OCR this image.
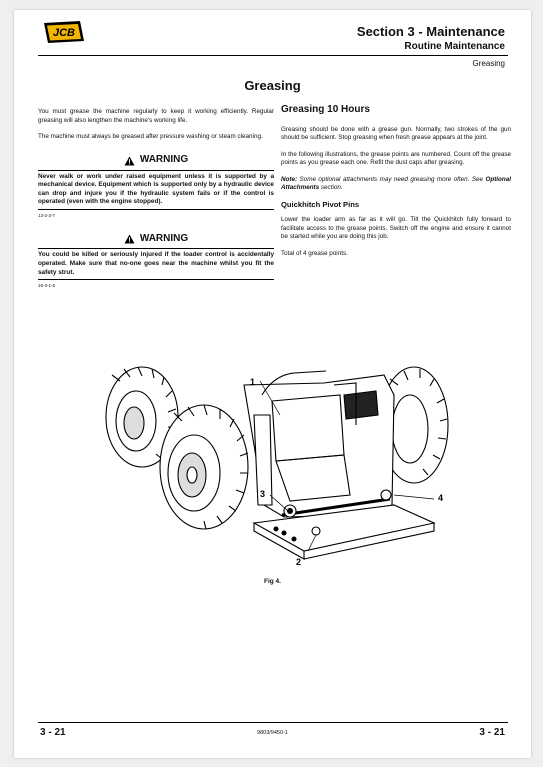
JCB	Section 3 - Maintenance
Routine Maintenance
Greasing
Greasing

You must grease the machine regularly to keep it working efficiently. Regular greasing will also lengthen the machine's working life.

The machine must always be greased after pressure washing or steam cleaning.

WARNING
Never walk or work under raised equipment unless it is supported by a mechanical device. Equipment which is supported only by a hydraulic device can drop and injure you if the hydraulic system fails or if the control is operated (even with the engine stopped).
13-2-3-7
WARNING
You could be killed or seriously injured if the loader control is accidentally operated. Make sure that no-one goes near the machine whilst you fit the safety strut.
16-3-1-5
Greasing 10 Hours

Greasing should be done with a grease gun. Normally, two strokes of the gun should be sufficient. Stop greasing when fresh grease appears at the joint.

In the following illustrations, the grease points are numbered. Count off the grease points as you grease each one. Refit the dust caps after greasing.

Note: Some optional attachments may need greasing more often. See Optional Attachments section.

Quickhitch Pivot Pins

Lower the loader arm as far as it will go. Tilt the Quickhitch fully forward to facilitate access to the grease points. Switch off the engine and ensure it cannot be started while you are doing this job.

Total of 4 grease points.

1
2
3	4
Fig 4.
3 - 21	9803/9450-1	3 - 21
